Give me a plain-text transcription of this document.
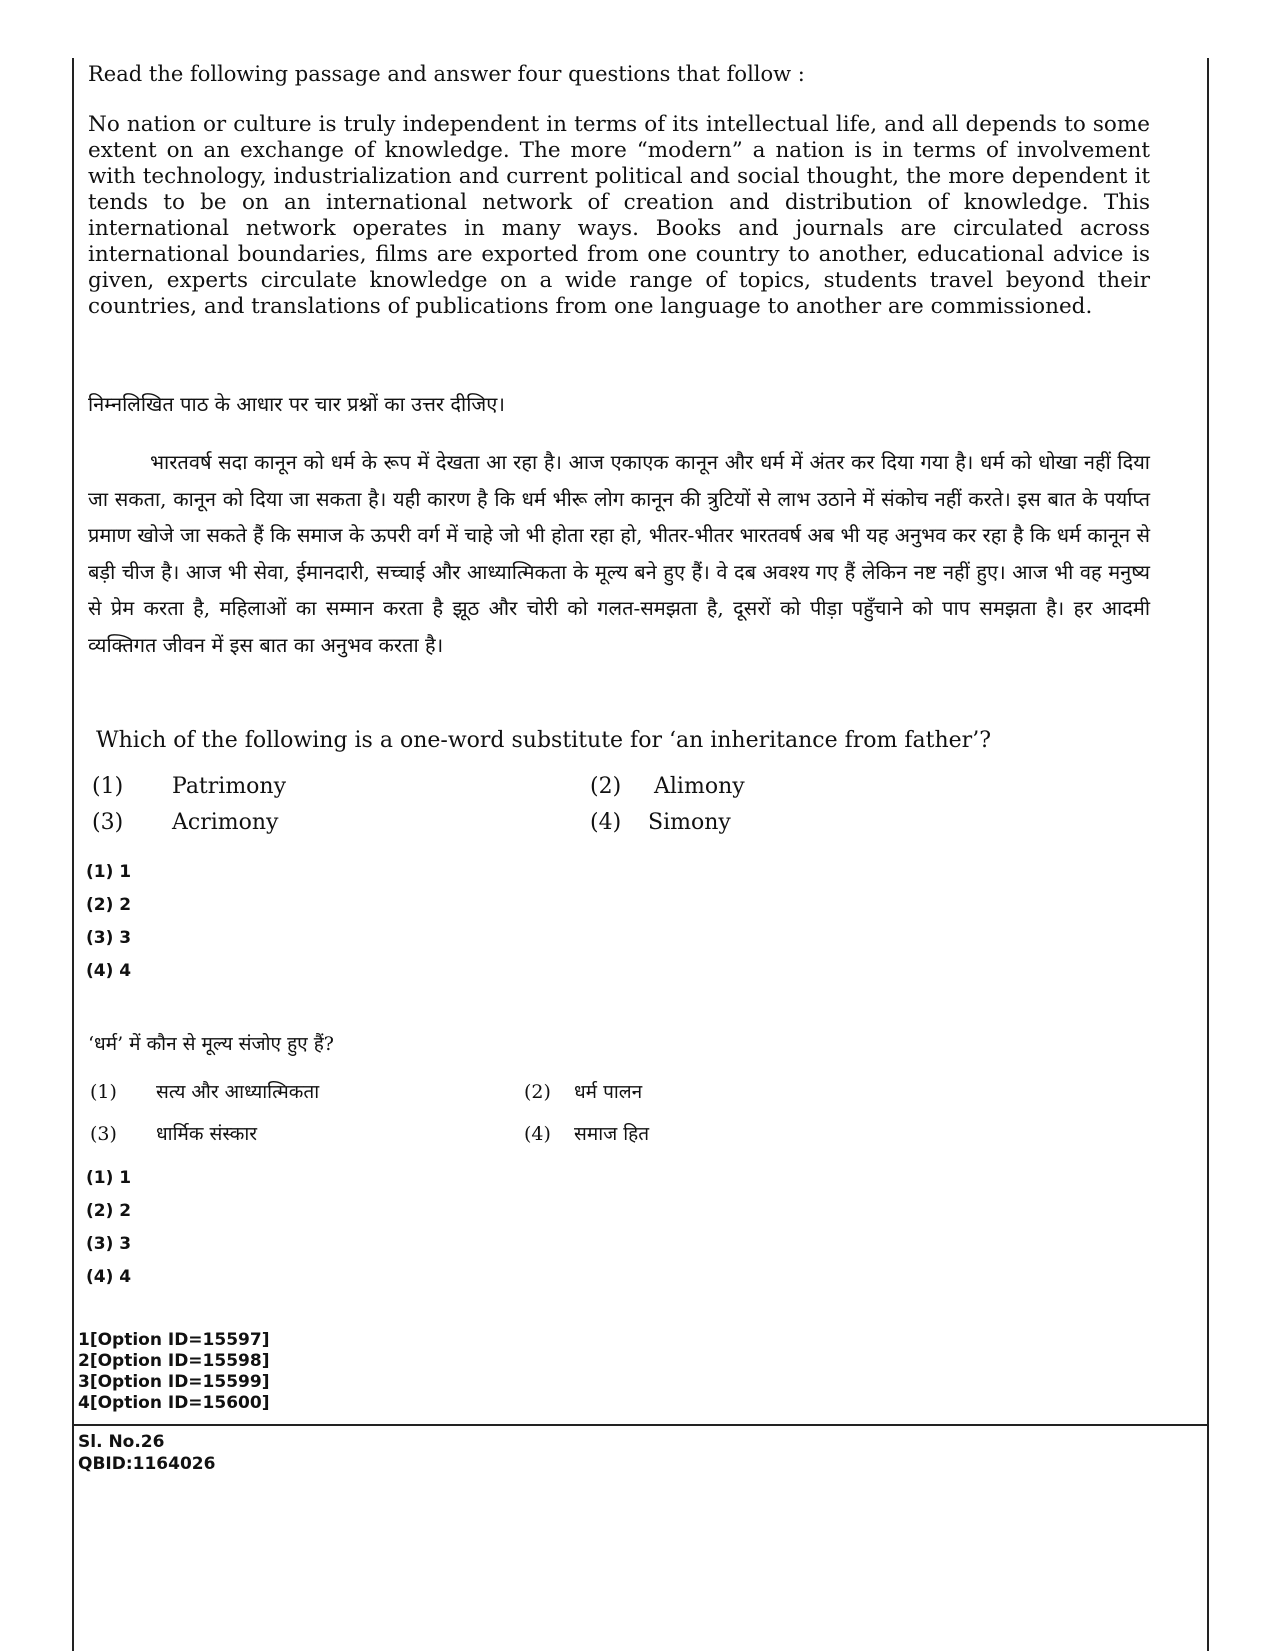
Read the following passage and answer four questions that follow :
No nation or culture is truly independent in terms of its intellectual life, and all depends to some extent on an exchange of knowledge. The more “modern” a nation is in terms of involvement with technology, industrialization and current political and social thought, the more dependent it tends to be on an international network of creation and distribution of knowledge. This international network operates in many ways. Books and journals are circulated across international boundaries, films are exported from one country to another, educational advice is given, experts circulate knowledge on a wide range of topics, students travel beyond their countries, and translations of publications from one language to another are commissioned.
निम्नलिखित पाठ के आधार पर चार प्रश्नों का उत्तर दीजिए।
भारतवर्ष सदा कानून को धर्म के रूप में देखता आ रहा है। आज एकाएक कानून और धर्म में अंतर कर दिया गया है। धर्म को धोखा नहीं दिया जा सकता, कानून को दिया जा सकता है। यही कारण है कि धर्म भीरू लोग कानून की त्रुटियों से लाभ उठाने में संकोच नहीं करते। इस बात के पर्याप्त प्रमाण खोजे जा सकते हैं कि समाज के ऊपरी वर्ग में चाहे जो भी होता रहा हो, भीतर-भीतर भारतवर्ष अब भी यह अनुभव कर रहा है कि धर्म कानून से बड़ी चीज है। आज भी सेवा, ईमानदारी, सच्चाई और आध्यात्मिकता के मूल्य बने हुए हैं। वे दब अवश्य गए हैं लेकिन नष्ट नहीं हुए। आज भी वह मनुष्य से प्रेम करता है, महिलाओं का सम्मान करता है झूठ और चोरी को गलत-समझता है, दूसरों को पीड़ा पहुँचाने को पाप समझता है। हर आदमी व्यक्तिगत जीवन में इस बात का अनुभव करता है।
Which of the following is a one-word substitute for ‘an inheritance from father’?
(1) Patrimony	(2) Alimony
(3) Acrimony	(4) Simony
(1) 1
(2) 2
(3) 3
(4) 4
‘धर्म’ में कौन से मूल्य संजोए हुए हैं?
(1) सत्य और आध्यात्मिकता	(2) धर्म पालन
(3) धार्मिक संस्कार	(4) समाज हित
(1) 1
(2) 2
(3) 3
(4) 4
1[Option ID=15597]
2[Option ID=15598]
3[Option ID=15599]
4[Option ID=15600]
Sl. No.26
QBID:1164026
